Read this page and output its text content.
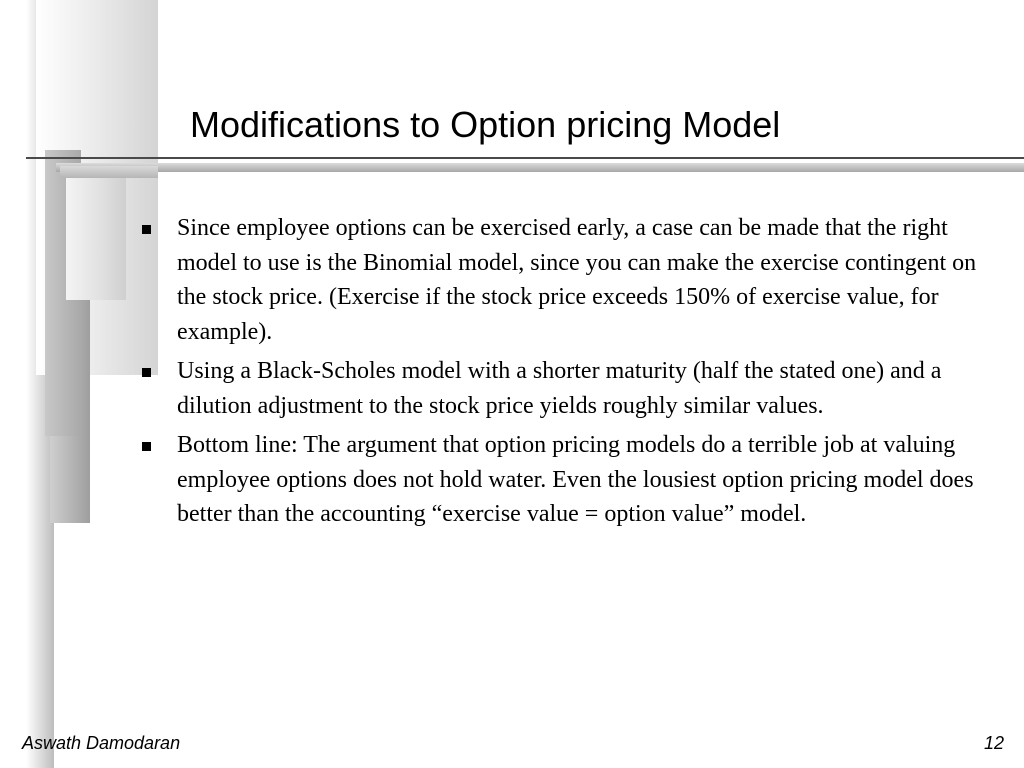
Modifications to Option pricing Model
Since employee options can be exercised early, a case can be made that the right model to use is the Binomial model, since you can make the exercise contingent on the stock price. (Exercise if the stock price exceeds 150% of exercise value, for example).
Using a Black-Scholes model with a shorter maturity (half the stated one) and a dilution adjustment to the stock price yields roughly similar values.
Bottom line: The argument that option pricing models do a terrible job at valuing employee options does not hold water. Even the lousiest option pricing model does better than the accounting “exercise value = option value” model.
Aswath Damodaran	12
